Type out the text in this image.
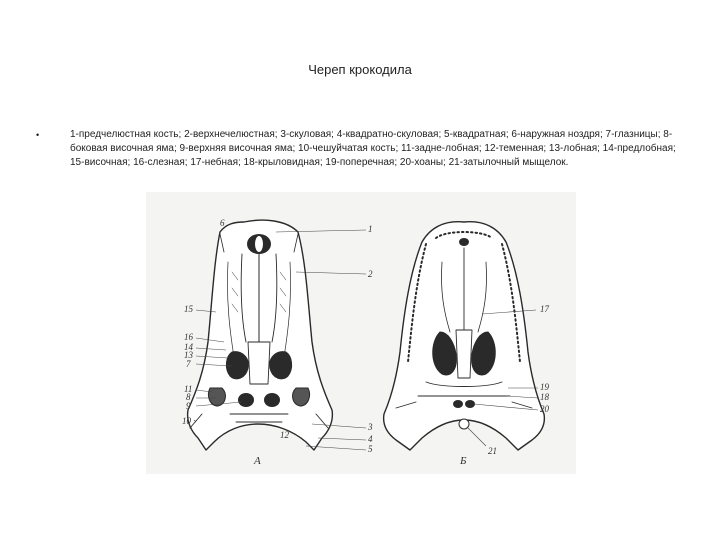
Череп крокодила
•	1-предчелюстная кость; 2-верхнечелюстная; 3-скуловая; 4-квадратно-скуловая; 5-квадратная; 6-наружная ноздря; 7-глазницы; 8-боковая височная яма; 9-верхняя височная яма; 10-чешуйчатая кость; 11-задне-лобная; 12-теменная; 13-лобная; 14-предлобная; 15-височная; 16-слезная; 17-небная; 18-крыловидная; 19-поперечная; 20-хоаны; 21-затылочный мыщелок.
6
1
2
15
16
14
13
7
11
8
9
10
12
3
4
5
А
17
19
18
20
21
Б
